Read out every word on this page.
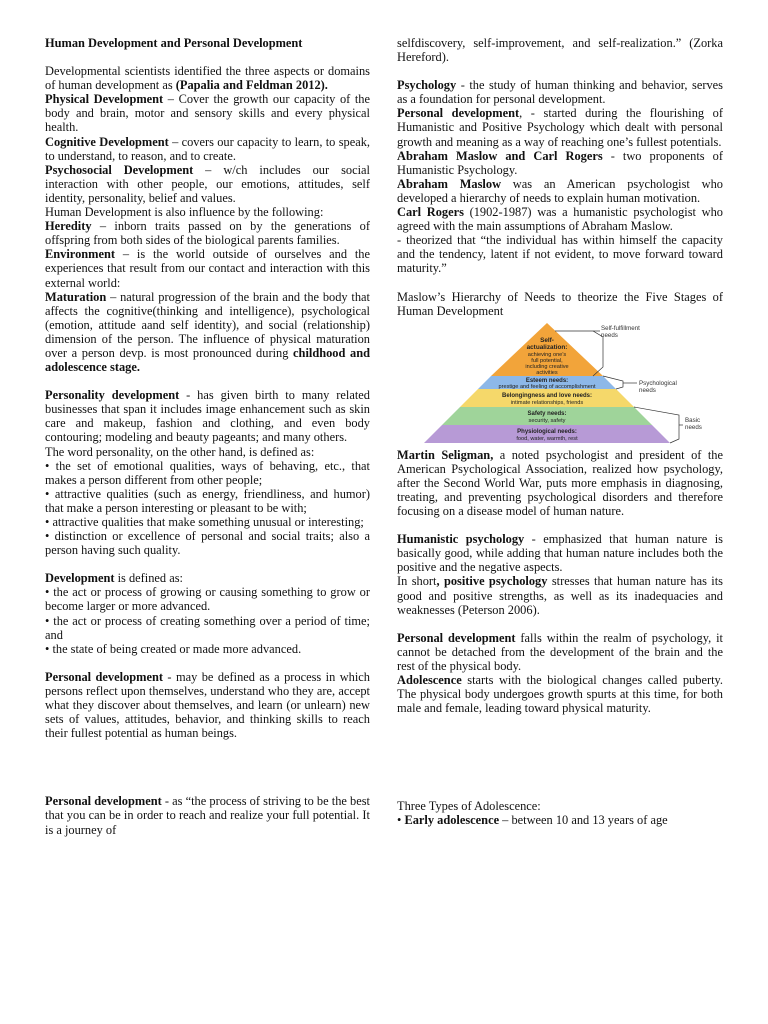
Human Development and Personal Development

Developmental scientists identified the three aspects or domains of human development as (Papalia and Feldman 2012).

Physical Development – Cover the growth our capacity of the body and brain, motor and sensory skills and every physical health.

Cognitive Development – covers our capacity to learn, to speak, to understand, to reason, and to create.

Psychosocial Development – w/ch includes our social interaction with other people, our emotions, attitudes, self identity, personality, belief and values.

Human Development is also influence by the following:

Heredity – inborn traits passed on by the generations of offspring from both sides of the biological parents families.

Environment – is the world outside of ourselves and the experiences that result from our contact and interaction with this external world:

Maturation – natural progression of the brain and the body that affects the cognitive(thinking and intelligence), psychological (emotion, attitude aand self identity), and social (relationship) dimension of the person. The influence of physical maturation over a person devp. is most pronounced during childhood and adolescence stage.

Personality development - has given birth to many related businesses that span it includes image enhancement such as skin care and makeup, fashion and clothing, and even body contouring; modeling and beauty pageants; and many others.

The word personality, on the other hand, is defined as:

• the set of emotional qualities, ways of behaving, etc., that makes a person different from other people;

• attractive qualities (such as energy, friendliness, and humor) that make a person interesting or pleasant to be with;

• attractive qualities that make something unusual or interesting;

• distinction or excellence of personal and social traits; also a person having such quality.

Development is defined as:

• the act or process of growing or causing something to grow or become larger or more advanced.

• the act or process of creating something over a period of time; and

• the state of being created or made more advanced.

Personal development - may be defined as a process in which persons reflect upon themselves, understand who they are, accept what they discover about themselves, and learn (or unlearn) new sets of values, attitudes, behavior, and thinking skills to reach their fullest potential as human beings.

Personal development - as “the process of striving to be the best that you can be in order to reach and realize your full potential. It is a journey of

selfdiscovery, self-improvement, and self-realization.” (Zorka Hereford).

Psychology - the study of human thinking and behavior, serves as a foundation for personal development.

Personal development, - started during the flourishing of Humanistic and Positive Psychology which dealt with personal growth and meaning as a way of reaching one’s fullest potentials.

Abraham Maslow and Carl Rogers - two proponents of Humanistic Psychology.

Abraham Maslow was an American psychologist who developed a hierarchy of needs to explain human motivation.

Carl Rogers (1902-1987) was a humanistic psychologist who agreed with the main assumptions of Abraham Maslow.

- theorized that “the individual has within himself the capacity and the tendency, latent if not evident, to move forward toward maturity.”

Maslow’s Hierarchy of Needs to theorize the Five Stages of Human Development

Self-
actualization:
achieving one’s
full potential,
including creative
activities
Esteem needs:
prestige and feeling of accomplishment
Belongingness and love needs:
intimate relationships, friends
Safety needs:
security, safety
Physiological needs:
food, water, warmth, rest
Self-fulfillment
needs
Psychological
needs
Basic
needs

Martin Seligman, a noted psychologist and president of the American Psychological Association, realized how psychology, after the Second World War, puts more emphasis in diagnosing, treating, and preventing psychological disorders and therefore focusing on a disease model of human nature.

Humanistic psychology - emphasized that human nature is basically good, while adding that human nature includes both the positive and the negative aspects.

In short, positive psychology stresses that human nature has its good and positive strengths, as well as its inadequacies and weaknesses (Peterson 2006).

Personal development falls within the realm of psychology, it cannot be detached from the development of the brain and the rest of the physical body.

Adolescence starts with the biological changes called puberty. The physical body undergoes growth spurts at this time, for both male and female, leading toward physical maturity.

Three Types of Adolescence:

• Early adolescence – between 10 and 13 years of age
